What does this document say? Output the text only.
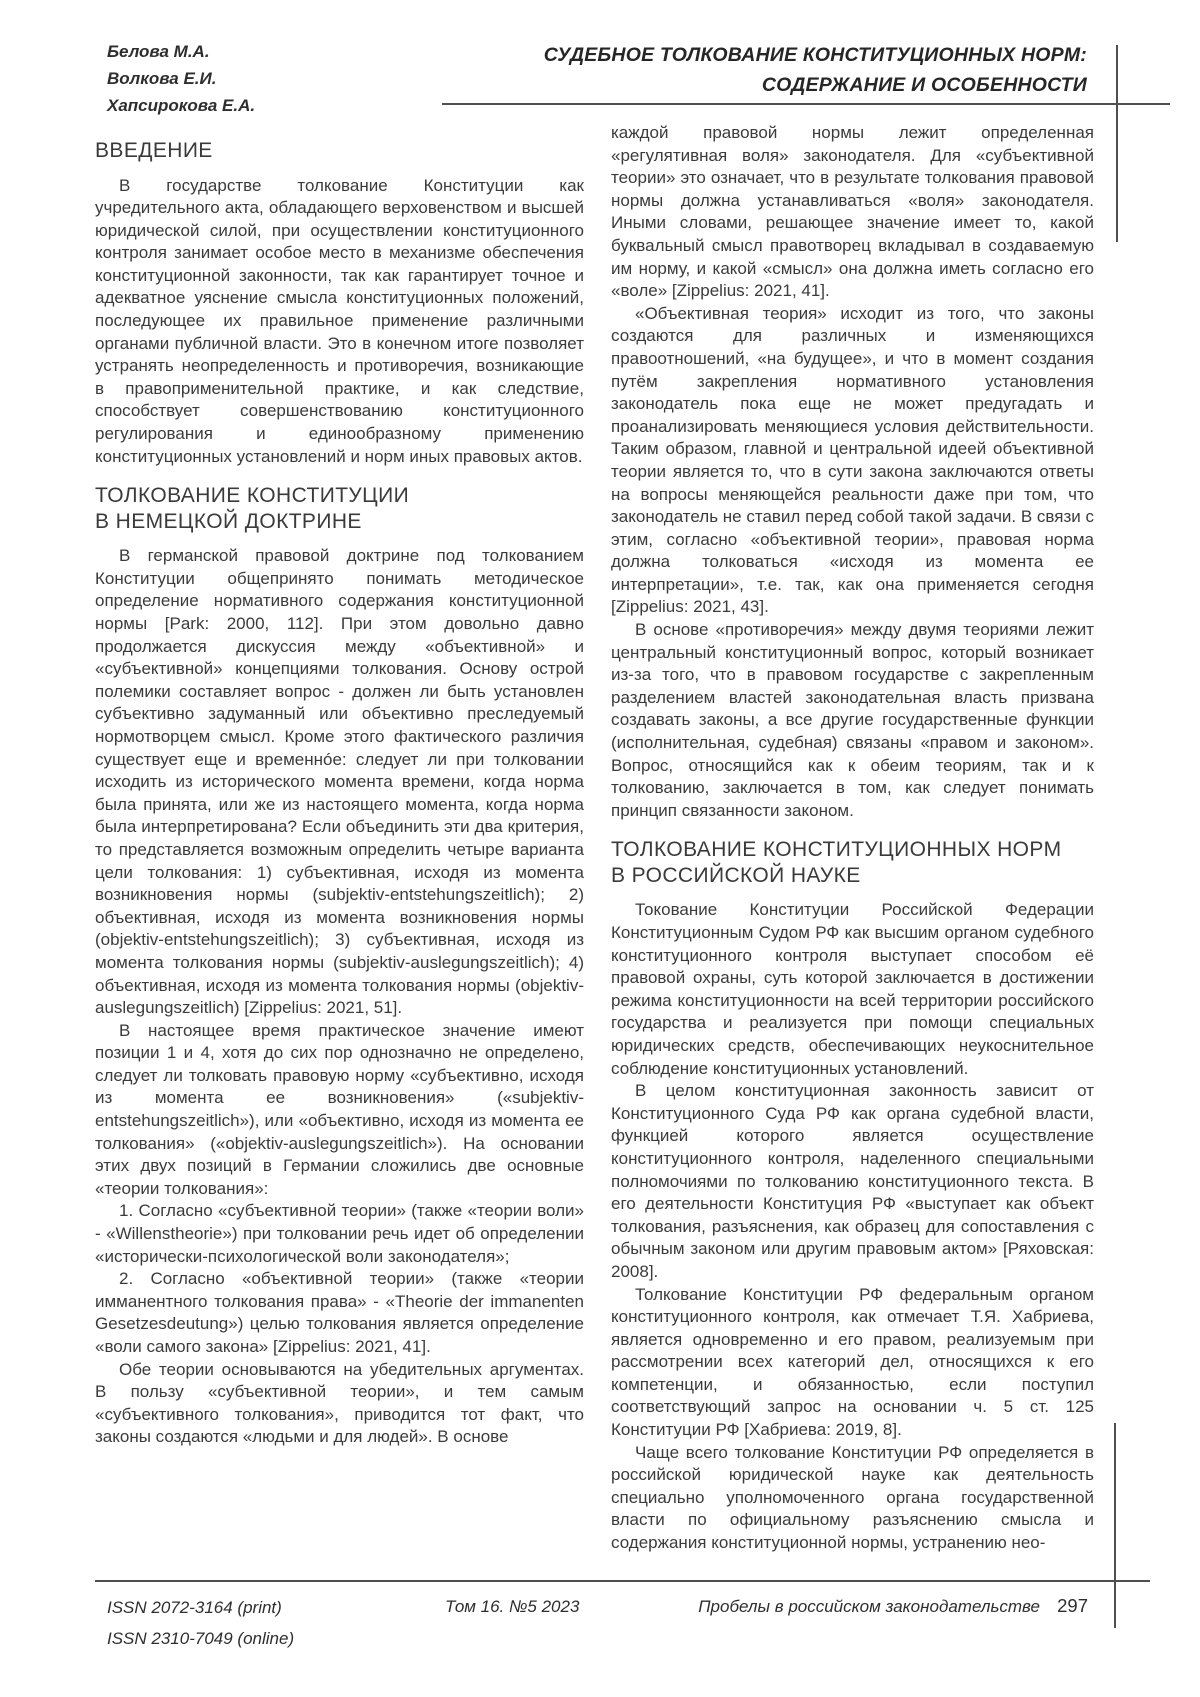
Белова М.А.
Волкова Е.И.
Хапсирокова Е.А.
СУДЕБНОЕ ТОЛКОВАНИЕ КОНСТИТУЦИОННЫХ НОРМ:
СОДЕРЖАНИЕ И ОСОБЕННОСТИ
ВВЕДЕНИЕ

В государстве толкование Конституции как учредительного акта, обладающего верховенством и высшей юридической силой, при осуществлении конституционного контроля занимает особое место в механизме обеспечения конституционной законности, так как гарантирует точное и адекватное уяснение смысла конституционных положений, последующее их правильное применение различными органами публичной власти. Это в конечном итоге позволяет устранять неопределенность и противоречия, возникающие в правоприменительной практике, и как следствие, способствует совершенствованию конституционного регулирования и единообразному применению конституционных установлений и норм иных правовых актов.

ТОЛКОВАНИЕ КОНСТИТУЦИИ
В НЕМЕЦКОЙ ДОКТРИНЕ

В германской правовой доктрине под толкованием Конституции общепринято понимать методическое определение нормативного содержания конституционной нормы [Park: 2000, 112]. При этом довольно давно продолжается дискуссия между «объективной» и «субъективной» концепциями толкования. Основу острой полемики составляет вопрос - должен ли быть установлен субъективно задуманный или объективно преследуемый нормотворцем смысл. Кроме этого фактического различия существует еще и временнóе: следует ли при толковании исходить из исторического момента времени, когда норма была принята, или же из настоящего момента, когда норма была интерпретирована? Если объединить эти два критерия, то представляется возможным определить четыре варианта цели толкования: 1) субъективная, исходя из момента возникновения нормы (subjektiv-entstehungszeitlich); 2) объективная, исходя из момента возникновения нормы (objektiv-entstehungszeitlich); 3) субъективная, исходя из момента толкования нормы (subjektiv-auslegungszeitlich); 4) объективная, исходя из момента толкования нормы (objektiv-auslegungszeitlich) [Zippelius: 2021, 51].

В настоящее время практическое значение имеют позиции 1 и 4, хотя до сих пор однозначно не определено, следует ли толковать правовую норму «субъективно, исходя из момента ее возникновения» («subjektiv-entstehungszeitlich»), или «объективно, исходя из момента ее толкования» («objektiv-auslegungszeitlich»). На основании этих двух позиций в Германии сложились две основные «теории толкования»:

1. Согласно «субъективной теории» (также «теории воли» - «Willenstheorie») при толковании речь идет об определении «исторически-психологической воли законодателя»;

2. Согласно «объективной теории» (также «теории имманентного толкования права» - «Theorie der immanenten Gesetzesdeutung») целью толкования является определение «воли самого закона» [Zippelius: 2021, 41].

Обе теории основываются на убедительных аргументах. В пользу «субъективной теории», и тем самым «субъективного толкования», приводится тот факт, что законы создаются «людьми и для людей». В основе

каждой правовой нормы лежит определенная «регулятивная воля» законодателя. Для «субъективной теории» это означает, что в результате толкования правовой нормы должна устанавливаться «воля» законодателя. Иными словами, решающее значение имеет то, какой буквальный смысл правотворец вкладывал в создаваемую им норму, и какой «смысл» она должна иметь согласно его «воле» [Zippelius: 2021, 41].

«Объективная теория» исходит из того, что законы создаются для различных и изменяющихся правоотношений, «на будущее», и что в момент создания путём закрепления нормативного установления законодатель пока еще не может предугадать и проанализировать меняющиеся условия действительности. Таким образом, главной и центральной идеей объективной теории является то, что в сути закона заключаются ответы на вопросы меняющейся реальности даже при том, что законодатель не ставил перед собой такой задачи. В связи с этим, согласно «объективной теории», правовая норма должна толковаться «исходя из момента ее интерпретации», т.е. так, как она применяется сегодня [Zippelius: 2021, 43].

В основе «противоречия» между двумя теориями лежит центральный конституционный вопрос, который возникает из-за того, что в правовом государстве с закрепленным разделением властей законодательная власть призвана создавать законы, а все другие государственные функции (исполнительная, судебная) связаны «правом и законом». Вопрос, относящийся как к обеим теориям, так и к толкованию, заключается в том, как следует понимать принцип связанности законом.

ТОЛКОВАНИЕ КОНСТИТУЦИОННЫХ НОРМ
В РОССИЙСКОЙ НАУКЕ

Токование Конституции Российской Федерации Конституционным Судом РФ как высшим органом судебного конституционного контроля выступает способом её правовой охраны, суть которой заключается в достижении режима конституционности на всей территории российского государства и реализуется при помощи специальных юридических средств, обеспечивающих неукоснительное соблюдение конституционных установлений.

В целом конституционная законность зависит от Конституционного Суда РФ как органа судебной власти, функцией которого является осуществление конституционного контроля, наделенного специальными полномочиями по толкованию конституционного текста. В его деятельности Конституция РФ «выступает как объект толкования, разъяснения, как образец для сопоставления с обычным законом или другим правовым актом» [Ряховская: 2008].

Толкование Конституции РФ федеральным органом конституционного контроля, как отмечает Т.Я. Хабриева, является одновременно и его правом, реализуемым при рассмотрении всех категорий дел, относящихся к его компетенции, и обязанностью, если поступил соответствующий запрос на основании ч. 5 ст. 125 Конституции РФ [Хабриева: 2019, 8].

Чаще всего толкование Конституции РФ определяется в российской юридической науке как деятельность специально уполномоченного органа государственной власти по официальному разъяснению смысла и содержания конституционной нормы, устранению нео-

ISSN 2072-3164 (print)
ISSN 2310-7049 (online)
Том 16. №5 2023	Пробелы в российском законодательстве 297
